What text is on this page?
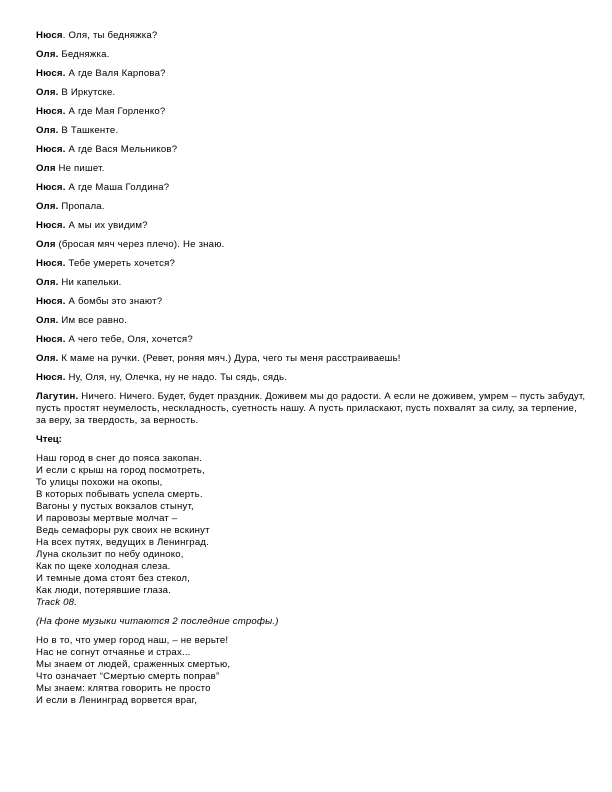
Нюся. Оля, ты бедняжка?
Оля. Бедняжка.
Нюся. А где Валя Карпова?
Оля. В Иркутске.
Нюся. А где Мая Горленко?
Оля. В Ташкенте.
Нюся. А где Вася Мельников?
Оля Не пишет.
Нюся. А где Маша Голдина?
Оля. Пропала.
Нюся. А мы их увидим?
Оля (бросая мяч через плечо). Не знаю.
Нюся. Тебе умереть хочется?
Оля. Ни капельки.
Нюся. А бомбы это знают?
Оля. Им все равно.
Нюся. А чего тебе, Оля, хочется?
Оля. К маме на ручки. (Ревет, роняя мяч.) Дура, чего ты меня расстраиваешь!
Нюся. Ну, Оля, ну, Олечка, ну не надо. Ты сядь, сядь.
Лагутин. Ничего. Ничего. Будет, будет праздник. Доживем мы до радости. А если не доживем, умрем – пусть забудут, пусть простят неумелость, нескладность, суетность нашу. А пусть приласкают, пусть похвалят за силу, за терпение, за веру, за твердость, за верность.
Чтец:
Наш город в снег до пояса закопан.
И если с крыш на город посмотреть,
То улицы похожи на окопы,
В которых побывать успела смерть.
Вагоны у пустых вокзалов стынут,
И паровозы мертвые молчат –
Ведь семафоры рук своих не вскинут
На всех путях, ведущих в Ленинград.
Луна скользит по небу одиноко,
Как по щеке холодная слеза.
И темные дома стоят без стекол,
Как люди, потерявшие глаза.
Track 08.
(На фоне музыки читаются 2 последние строфы.)
Но в то, что умер город наш, – не верьте!
Нас не согнут отчаянье и страх...
Мы знаем от людей, сраженных смертью,
Что означает “Смертью смерть поправ”
Мы знаем: клятва говорить не просто
И если в Ленинград ворвется враг,
